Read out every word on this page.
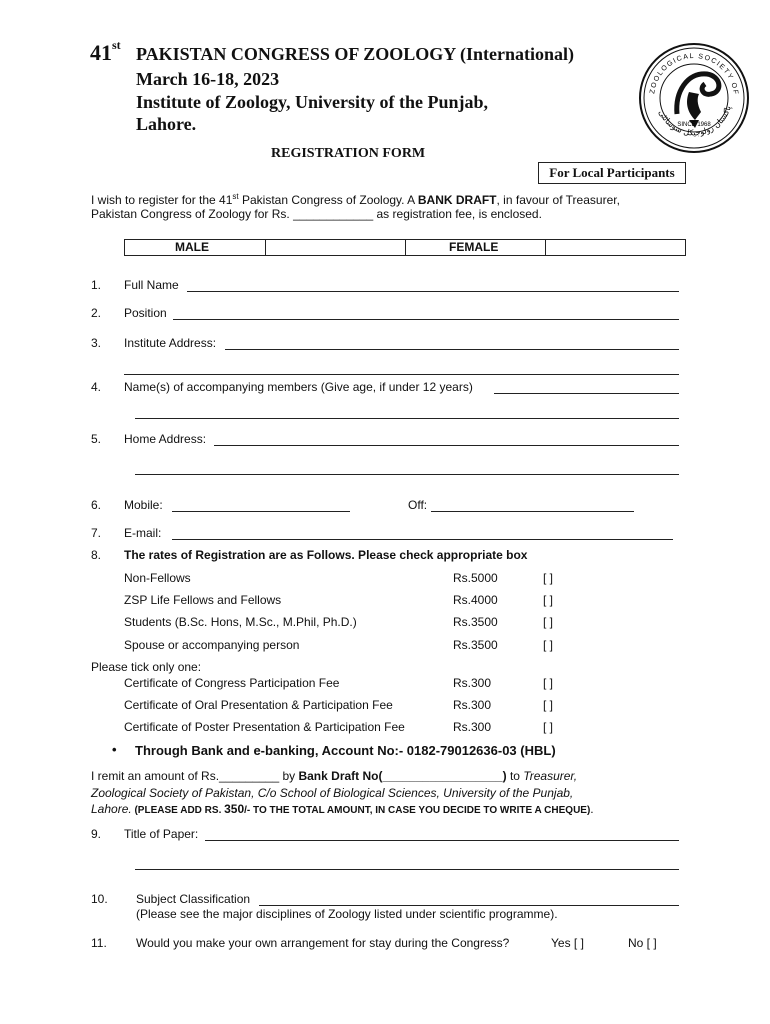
41st PAKISTAN CONGRESS OF ZOOLOGY (International)
March 16-18, 2023
Institute of Zoology, University of the Punjab,
Lahore.
ZOOLOGICAL SOCIETY OF
پاکستان زولوجیکل سوسائٹی
SINCE 1968
REGISTRATION FORM
For Local Participants
I wish to register for the 41st Pakistan Congress of Zoology. A BANK DRAFT, in favour of Treasurer,
Pakistan Congress of Zoology for Rs. ____________ as registration fee, is enclosed.
MALE	FEMALE
1. Full Name
2. Position
3. Institute Address:
4. Name(s) of accompanying members (Give age, if under 12 years)
5. Home Address:
6. Mobile:	Off:
7. E-mail:
8. The rates of Registration are as Follows. Please check appropriate box
Non-Fellows	Rs.5000	[ ]
ZSP Life Fellows and Fellows	Rs.4000	[ ]
Students (B.Sc. Hons, M.Sc., M.Phil, Ph.D.)	Rs.3500	[ ]
Spouse or accompanying person	Rs.3500	[ ]
Please tick only one:
Certificate of Congress Participation Fee	Rs.300	[ ]
Certificate of Oral Presentation & Participation Fee	Rs.300	[ ]
Certificate of Poster Presentation & Participation Fee	Rs.300	[ ]
• Through Bank and e-banking, Account No:- 0182-79012636-03 (HBL)
I remit an amount of Rs._________ by Bank Draft No(__________________) to Treasurer,
Zoological Society of Pakistan, C/o School of Biological Sciences, University of the Punjab,
Lahore. (PLEASE ADD RS. 350/- TO THE TOTAL AMOUNT, IN CASE YOU DECIDE TO WRITE A CHEQUE).
9. Title of Paper:
10. Subject Classification
(Please see the major disciplines of Zoology listed under scientific programme).
11. Would you make your own arrangement for stay during the Congress?	Yes [ ]	No [ ]
